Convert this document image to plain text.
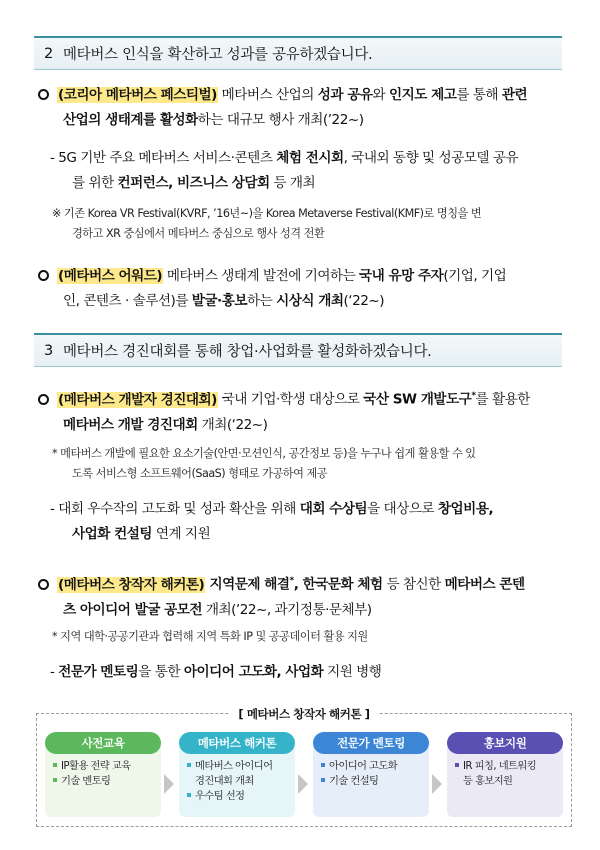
2 메타버스 인식을 확산하고 성과를 공유하겠습니다.
(코리아 메타버스 페스티벌) 메타버스 산업의 성과 공유와 인지도 제고를 통해 관련
산업의 생태계를 활성화하는 대규모 행사 개최(’22~)
- 5G 기반 주요 메타버스 서비스·콘텐츠 체험 전시회, 국내외 동향 및 성공모델 공유
를 위한 컨퍼런스, 비즈니스 상담회 등 개최
※ 기존 Korea VR Festival(KVRF, ’16년~)을 Korea Metaverse Festival(KMF)로 명칭을 변
경하고 XR 중심에서 메타버스 중심으로 행사 성격 전환
(메타버스 어워드) 메타버스 생태계 발전에 기여하는 국내 유망 주자(기업, 기업
인, 콘텐츠 · 솔루션)를 발굴·홍보하는 시상식 개최(‘22~)
3 메타버스 경진대회를 통해 창업·사업화를 활성화하겠습니다.
(메타버스 개발자 경진대회) 국내 기업·학생 대상으로 국산 SW 개발도구*를 활용한
메타버스 개발 경진대회 개최(‘22~)
* 메타버스 개발에 필요한 요소기술(안면·모션인식, 공간정보 등)을 누구나 쉽게 활용할 수 있
도록 서비스형 소프트웨어(SaaS) 형태로 가공하여 제공
- 대회 우수작의 고도화 및 성과 확산을 위해 대회 수상팀을 대상으로 창업비용,
사업화 컨설팅 연계 지원
(메타버스 창작자 해커톤) 지역문제 해결*, 한국문화 체험 등 참신한 메타버스 콘텐
츠 아이디어 발굴 공모전 개최(’22~, 과기정통·문체부)
* 지역 대학·공공기관과 협력해 지역 특화 IP 및 공공데이터 활용 지원
- 전문가 멘토링을 통한 아이디어 고도화, 사업화 지원 병행
[ 메타버스 창작자 해커톤 ]
IP활용 전략 교육
기술 멘토링
사전교육
메타버스 아이디어
경진대회 개최
우수팀 선정
메타버스 해커톤
아이디어 고도화
기술 컨설팅
전문가 멘토링
IR 피칭, 네트워킹
등 홍보지원
홍보지원
